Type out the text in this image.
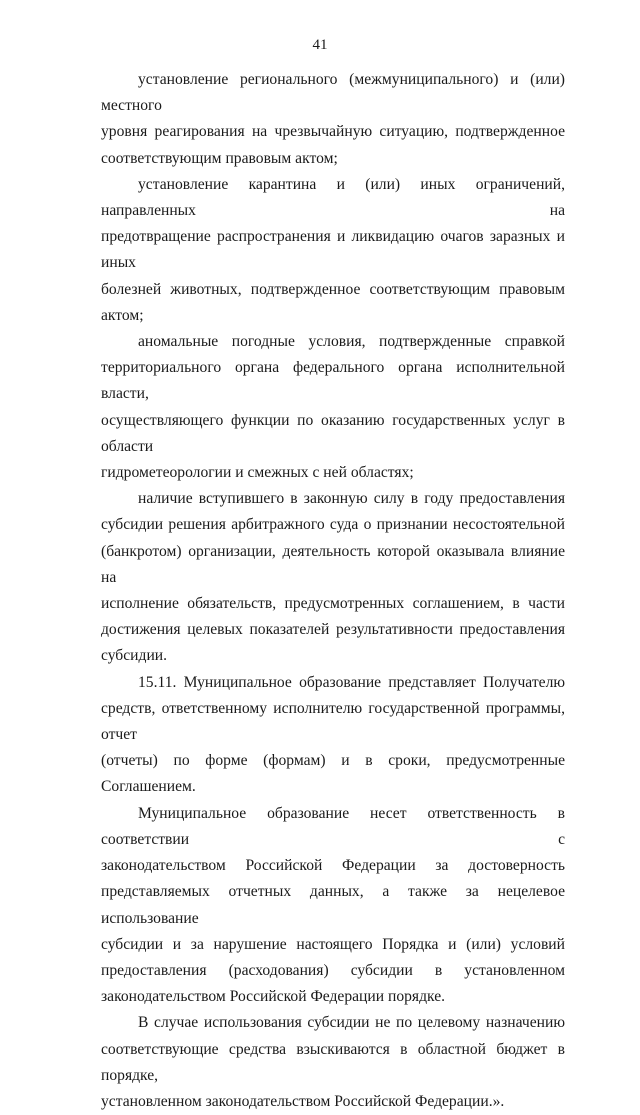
41

установление регионального (межмуниципального) и (или) местного
уровня реагирования на чрезвычайную ситуацию, подтвержденное
соответствующим правовым актом;

установление карантина и (или) иных ограничений, направленных на
предотвращение распространения и ликвидацию очагов заразных и иных
болезней животных, подтвержденное соответствующим правовым актом;

аномальные погодные условия, подтвержденные справкой
территориального органа федерального органа исполнительной власти,
осуществляющего функции по оказанию государственных услуг в области
гидрометеорологии и смежных с ней областях;

наличие вступившего в законную силу в году предоставления
субсидии решения арбитражного суда о признании несостоятельной
(банкротом) организации, деятельность которой оказывала влияние на
исполнение обязательств, предусмотренных соглашением, в части
достижения целевых показателей результативности предоставления
субсидии.

15.11. Муниципальное образование представляет Получателю
средств, ответственному исполнителю государственной программы, отчет
(отчеты) по форме (формам) и в сроки, предусмотренные Соглашением.

Муниципальное образование несет ответственность в соответствии с
законодательством Российской Федерации за достоверность
представляемых отчетных данных, а также за нецелевое использование
субсидии и за нарушение настоящего Порядка и (или) условий
предоставления (расходования) субсидии в установленном
законодательством Российской Федерации порядке.

В случае использования субсидии не по целевому назначению
соответствующие средства взыскиваются в областной бюджет в порядке,
установленном законодательством Российской Федерации.».
